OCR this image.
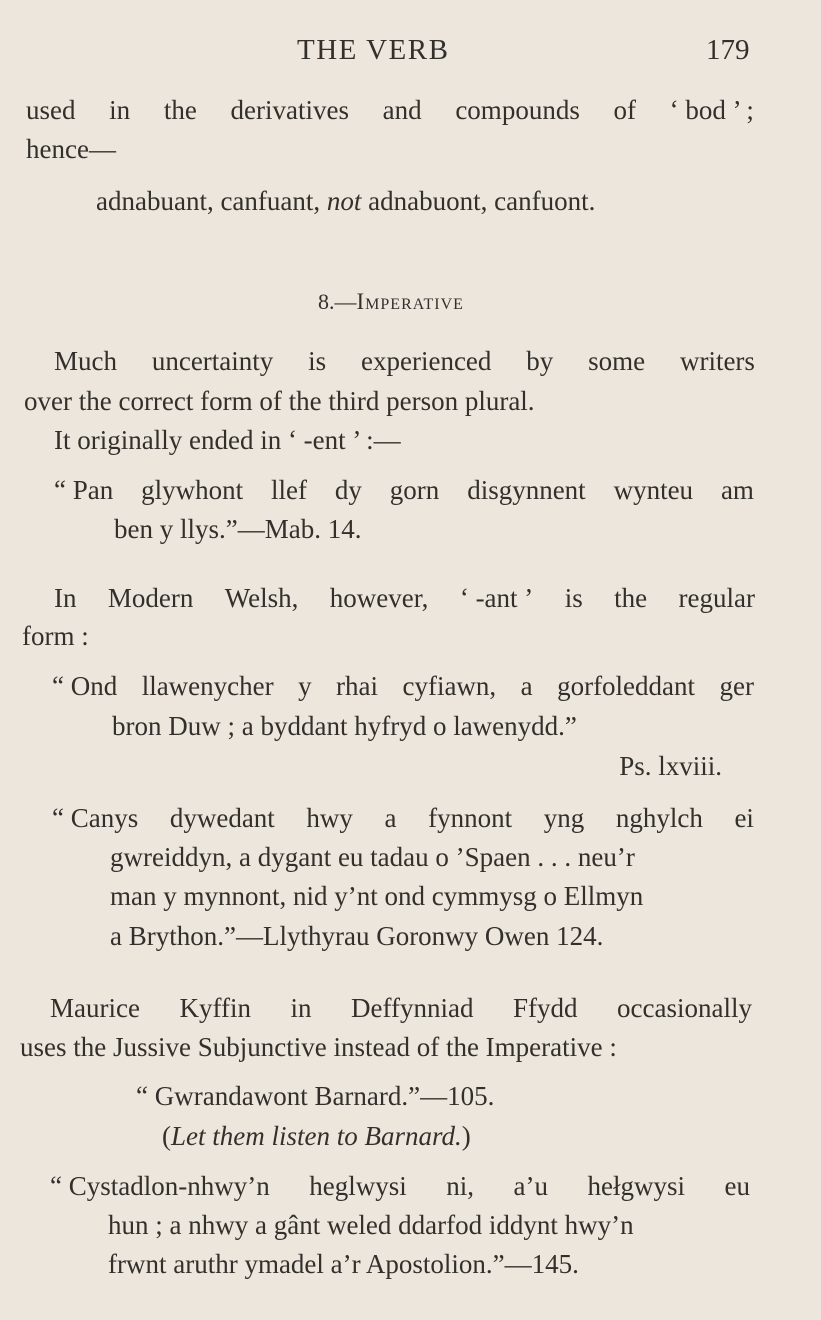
THE VERB	179
used in the derivatives and compounds of ‘ bod ’ ;
hence—
adnabuant, canfuant, not adnabuont, canfuont.
8.—Imperative
Much uncertainty is experienced by some writers
over the correct form of the third person plural.
It originally ended in ‘ -ent ’ :—
“ Pan glywhont llef dy gorn disgynnent wynteu am
ben y llys.”—Mab. 14.
In Modern Welsh, however, ‘ -ant ’ is the regular
form :
“ Ond llawenycher y rhai cyfiawn, a gorfoleddant ger
bron Duw ; a byddant hyfryd o lawenydd.”
Ps. lxviii.
“ Canys dywedant hwy a fynnont yng nghylch ei
gwreiddyn, a dygant eu tadau o ’Spaen . . . neu’r
man y mynnont, nid y’nt ond cymmysg o Ellmyn
a Brython.”—Llythyrau Goronwy Owen 124.
Maurice Kyffin in Deffynniad Ffydd occasionally
uses the Jussive Subjunctive instead of the Imperative :
“ Gwrandawont Barnard.”—105.
(Let them listen to Barnard.)
“ Cystadlon-nhwy’n heglwysi ni, a’u hełgwysi eu
hun ; a nhwy a gânt weled ddarfod iddynt hwy’n
frwnt aruthr ymadel a’r Apostolion.”—145.
